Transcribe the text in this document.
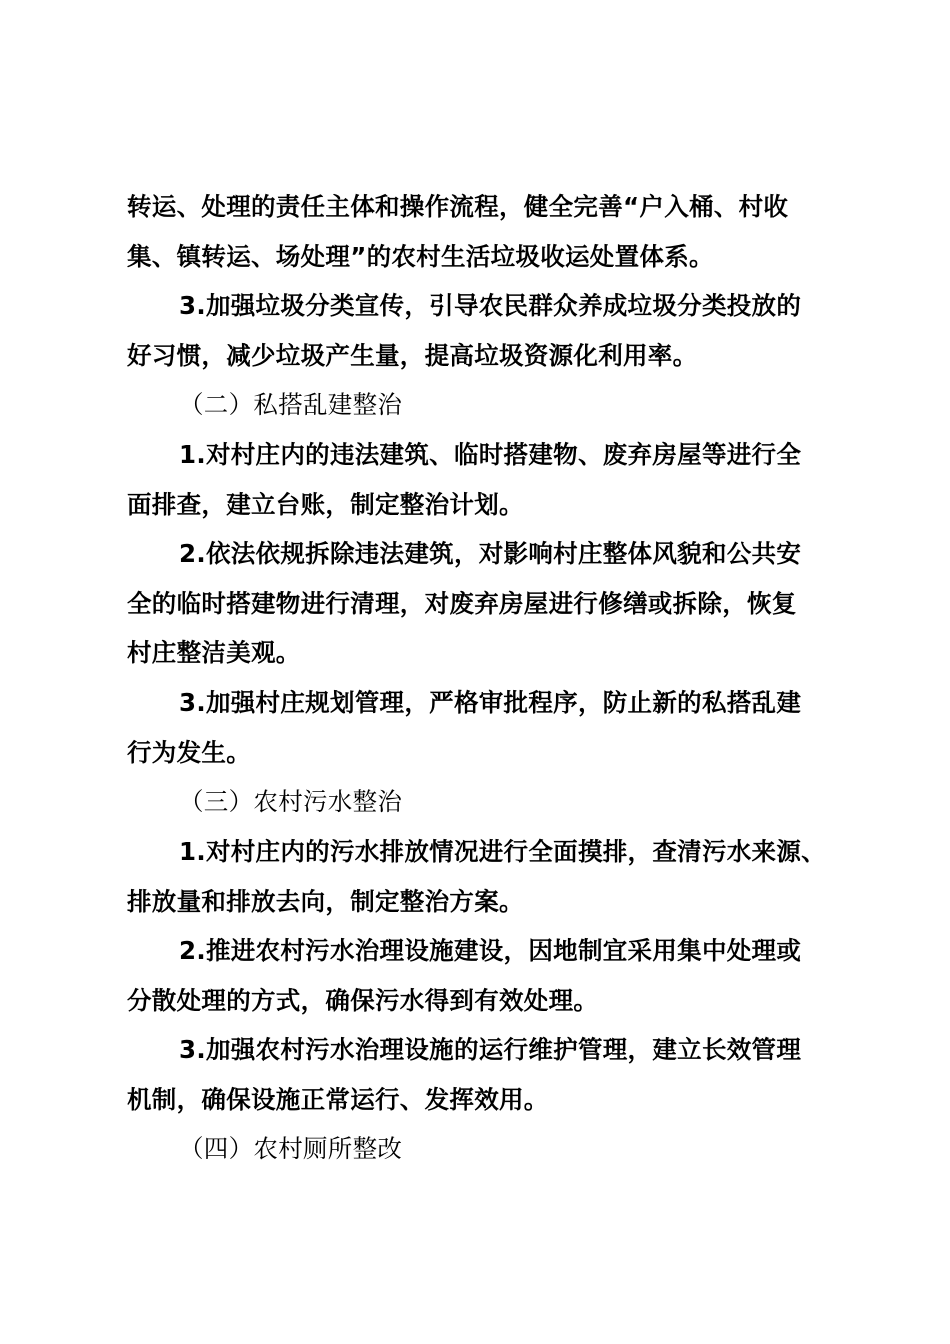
转运、处理的责任主体和操作流程，健全完善“户入桶、村收
集、镇转运、场处理”的农村生活垃圾收运处置体系。

3.加强垃圾分类宣传，引导农民群众养成垃圾分类投放的
好习惯，减少垃圾产生量，提高垃圾资源化利用率。

（二）私搭乱建整治

1.对村庄内的违法建筑、临时搭建物、废弃房屋等进行全
面排查，建立台账，制定整治计划。

2.依法依规拆除违法建筑，对影响村庄整体风貌和公共安
全的临时搭建物进行清理，对废弃房屋进行修缮或拆除，恢复
村庄整洁美观。

3.加强村庄规划管理，严格审批程序，防止新的私搭乱建
行为发生。

（三）农村污水整治

1.对村庄内的污水排放情况进行全面摸排，查清污水来源、
排放量和排放去向，制定整治方案。

2.推进农村污水治理设施建设，因地制宜采用集中处理或
分散处理的方式，确保污水得到有效处理。

3.加强农村污水治理设施的运行维护管理，建立长效管理
机制，确保设施正常运行、发挥效用。

（四）农村厕所整改
